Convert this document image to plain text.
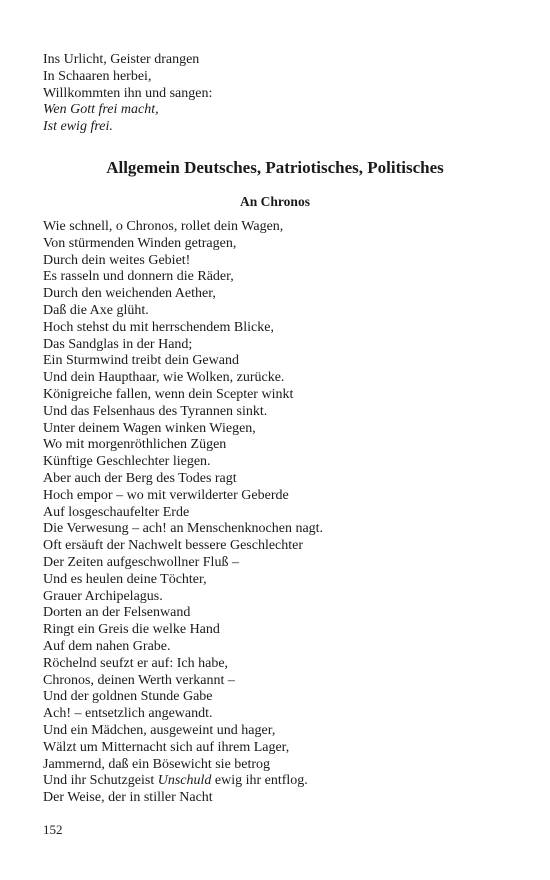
Ins Urlicht, Geister drangen
In Schaaren herbei,
Willkommten ihn und sangen:
Wen Gott frei macht,
Ist ewig frei.
Allgemein Deutsches, Patriotisches, Politisches
An Chronos
Wie schnell, o Chronos, rollet dein Wagen,
Von stürmenden Winden getragen,
Durch dein weites Gebiet!
Es rasseln und donnern die Räder,
Durch den weichenden Aether,
Daß die Axe glüht.
Hoch stehst du mit herrschendem Blicke,
Das Sandglas in der Hand;
Ein Sturmwind treibt dein Gewand
Und dein Haupthaar, wie Wolken, zurücke.
Königreiche fallen, wenn dein Scepter winkt
Und das Felsenhaus des Tyrannen sinkt.
Unter deinem Wagen winken Wiegen,
Wo mit morgenröthlichen Zügen
Künftige Geschlechter liegen.
Aber auch der Berg des Todes ragt
Hoch empor – wo mit verwilderter Geberde
Auf losgeschaufelter Erde
Die Verwesung – ach! an Menschenknochen nagt.
Oft ersäuft der Nachwelt bessere Geschlechter
Der Zeiten aufgeschwollner Fluß –
Und es heulen deine Töchter,
Grauer Archipelagus.
Dorten an der Felsenwand
Ringt ein Greis die welke Hand
Auf dem nahen Grabe.
Röchelnd seufzt er auf: Ich habe,
Chronos, deinen Werth verkannt –
Und der goldnen Stunde Gabe
Ach! – entsetzlich angewandt.
Und ein Mädchen, ausgeweint und hager,
Wälzt um Mitternacht sich auf ihrem Lager,
Jammernd, daß ein Bösewicht sie betrog
Und ihr Schutzgeist Unschuld ewig ihr entflog.
Der Weise, der in stiller Nacht
152
